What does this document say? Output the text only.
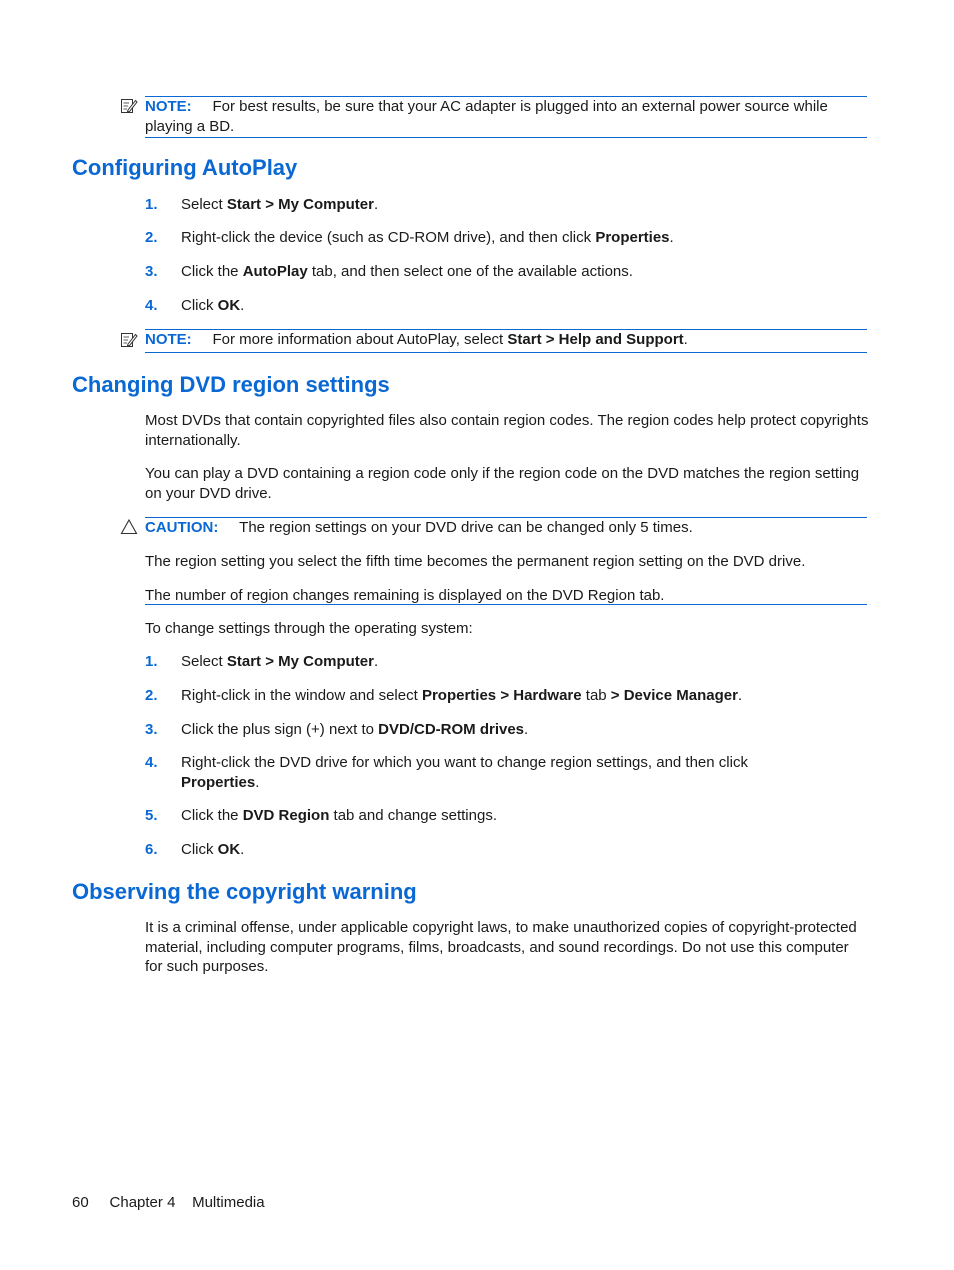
NOTE: For best results, be sure that your AC adapter is plugged into an external power source while playing a BD.
Configuring AutoPlay
1. Select Start > My Computer.
2. Right-click the device (such as CD-ROM drive), and then click Properties.
3. Click the AutoPlay tab, and then select one of the available actions.
4. Click OK.
NOTE: For more information about AutoPlay, select Start > Help and Support.
Changing DVD region settings
Most DVDs that contain copyrighted files also contain region codes. The region codes help protect copyrights internationally.
You can play a DVD containing a region code only if the region code on the DVD matches the region setting on your DVD drive.
CAUTION: The region settings on your DVD drive can be changed only 5 times.
The region setting you select the fifth time becomes the permanent region setting on the DVD drive.
The number of region changes remaining is displayed on the DVD Region tab.
To change settings through the operating system:
1. Select Start > My Computer.
2. Right-click in the window and select Properties > Hardware tab > Device Manager.
3. Click the plus sign (+) next to DVD/CD-ROM drives.
4. Right-click the DVD drive for which you want to change region settings, and then click Properties.
5. Click the DVD Region tab and change settings.
6. Click OK.
Observing the copyright warning
It is a criminal offense, under applicable copyright laws, to make unauthorized copies of copyright-protected material, including computer programs, films, broadcasts, and sound recordings. Do not use this computer for such purposes.
60 Chapter 4 Multimedia
